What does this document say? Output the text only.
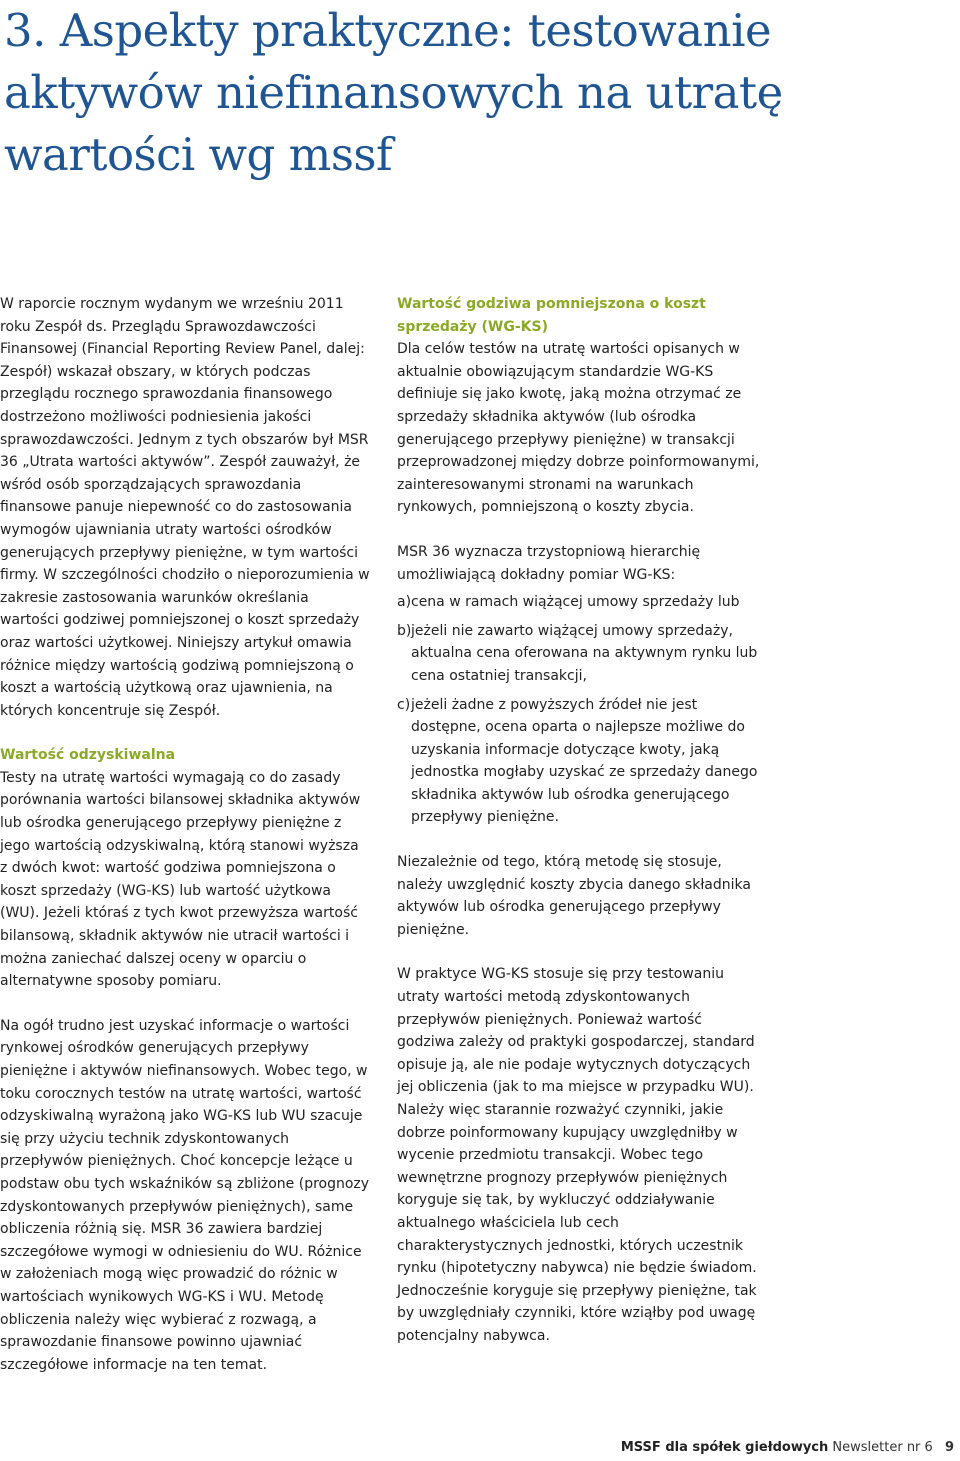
3. Aspekty praktyczne: testowanie aktywów niefinansowych na utratę wartości wg mssf

W raporcie rocznym wydanym we wrześniu 2011 roku Zespół ds. Przeglądu Sprawozdawczości Finansowej (Financial Reporting Review Panel, dalej: Zespół) wskazał obszary, w których podczas przeglądu rocznego sprawozdania finansowego dostrzeżono możliwości podniesienia jakości sprawozdawczości. Jednym z tych obszarów był MSR 36 „Utrata wartości aktywów”. Zespół zauważył, że wśród osób sporządzających sprawozdania finansowe panuje niepewność co do zastosowania wymogów ujawniania utraty wartości ośrodków generujących przepływy pieniężne, w tym wartości firmy. W szczególności chodziło o nieporozumienia w zakresie zastosowania warunków określania wartości godziwej pomniejszonej o koszt sprzedaży oraz wartości użytkowej. Niniejszy artykuł omawia różnice między wartością godziwą pomniejszoną o koszt a wartością użytkową oraz ujawnienia, na których koncentruje się Zespół.

Wartość odzyskiwalna

Testy na utratę wartości wymagają co do zasady porównania wartości bilansowej składnika aktywów lub ośrodka generującego przepływy pieniężne z jego wartością odzyskiwalną, którą stanowi wyższa z dwóch kwot: wartość godziwa pomniejszona o koszt sprzedaży (WG-KS) lub wartość użytkowa (WU). Jeżeli któraś z tych kwot przewyższa wartość bilansową, składnik aktywów nie utracił wartości i można zaniechać dalszej oceny w oparciu o alternatywne sposoby pomiaru.

Na ogół trudno jest uzyskać informacje o wartości rynkowej ośrodków generujących przepływy pieniężne i aktywów niefinansowych. Wobec tego, w toku corocznych testów na utratę wartości, wartość odzyskiwalną wyrażoną jako WG-KS lub WU szacuje się przy użyciu technik zdyskontowanych przepływów pieniężnych. Choć koncepcje leżące u podstaw obu tych wskaźników są zbliżone (prognozy zdyskontowanych przepływów pieniężnych), same obliczenia różnią się. MSR 36 zawiera bardziej szczegółowe wymogi w odniesieniu do WU. Różnice w założeniach mogą więc prowadzić do różnic w wartościach wynikowych WG-KS i WU. Metodę obliczenia należy więc wybierać z rozwagą, a sprawozdanie finansowe powinno ujawniać szczegółowe informacje na ten temat.

Wartość godziwa pomniejszona o koszt sprzedaży (WG-KS)

Dla celów testów na utratę wartości opisanych w aktualnie obowiązującym standardzie WG-KS definiuje się jako kwotę, jaką można otrzymać ze sprzedaży składnika aktywów (lub ośrodka generującego przepływy pieniężne) w transakcji przeprowadzonej między dobrze poinformowanymi, zainteresowanymi stronami na warunkach rynkowych, pomniejszoną o koszty zbycia.

MSR 36 wyznacza trzystopniową hierarchię umożliwiającą dokładny pomiar WG-KS:

a) cena w ramach wiążącej umowy sprzedaży lub
b) jeżeli nie zawarto wiążącej umowy sprzedaży, aktualna cena oferowana na aktywnym rynku lub cena ostatniej transakcji,
c) jeżeli żadne z powyższych źródeł nie jest dostępne, ocena oparta o najlepsze możliwe do uzyskania informacje dotyczące kwoty, jaką jednostka mogłaby uzyskać ze sprzedaży danego składnika aktywów lub ośrodka generującego przepływy pieniężne.

Niezależnie od tego, którą metodę się stosuje, należy uwzględnić koszty zbycia danego składnika aktywów lub ośrodka generującego przepływy pieniężne.

W praktyce WG-KS stosuje się przy testowaniu utraty wartości metodą zdyskontowanych przepływów pieniężnych. Ponieważ wartość godziwa zależy od praktyki gospodarczej, standard opisuje ją, ale nie podaje wytycznych dotyczących jej obliczenia (jak to ma miejsce w przypadku WU). Należy więc starannie rozważyć czynniki, jakie dobrze poinformowany kupujący uwzględniłby w wycenie przedmiotu transakcji. Wobec tego wewnętrzne prognozy przepływów pieniężnych koryguje się tak, by wykluczyć oddziaływanie aktualnego właściciela lub cech charakterystycznych jednostki, których uczestnik rynku (hipotetyczny nabywca) nie będzie świadom. Jednocześnie koryguje się przepływy pieniężne, tak by uwzględniały czynniki, które wziąłby pod uwagę potencjalny nabywca.

MSSF dla spółek giełdowych Newsletter nr 6 9
